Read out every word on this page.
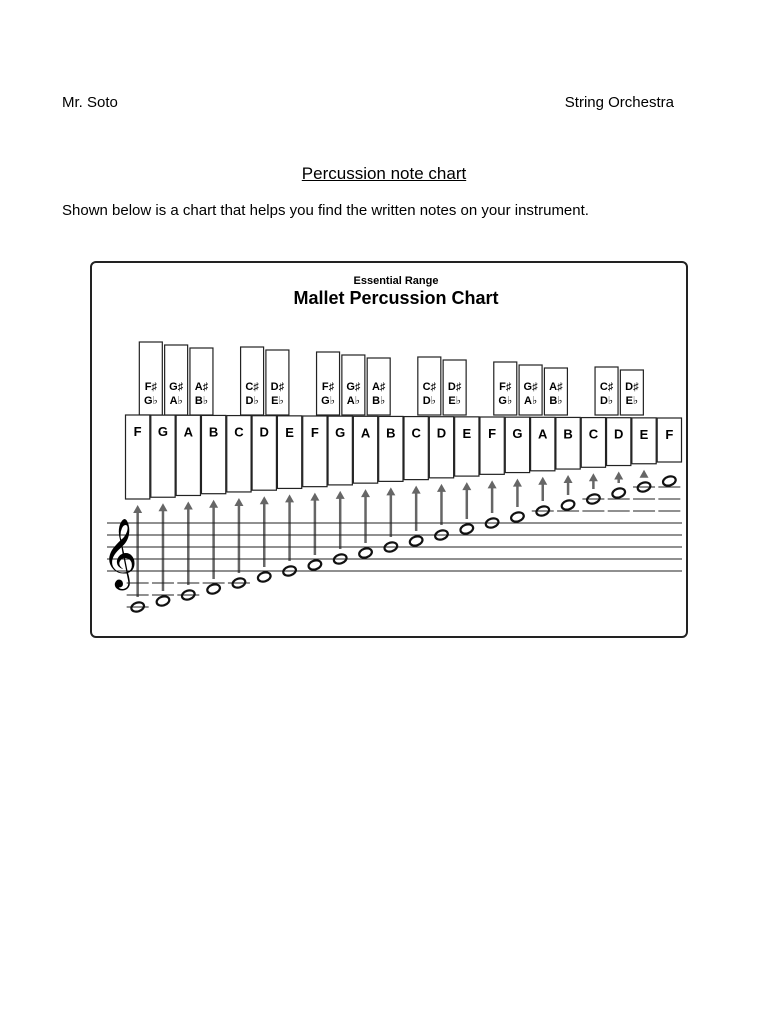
Mr. Soto	String Orchestra
Percussion note chart
Shown below is a chart that helps you find the written notes on your instrument.
Essential Range
Mallet Percussion Chart
F♯
G♭
G♯
A♭
A♯
B♭
C♯
D♭
D♯
E♭
F♯
G♭
G♯
A♭
A♯
B♭
C♯
D♭
D♯
E♭
F♯
G♭
G♯
A♭
A♯
B♭
C♯
D♭
D♯
E♭
F G A B C D E F G A B C D E F G A B C D E F
𝄞
